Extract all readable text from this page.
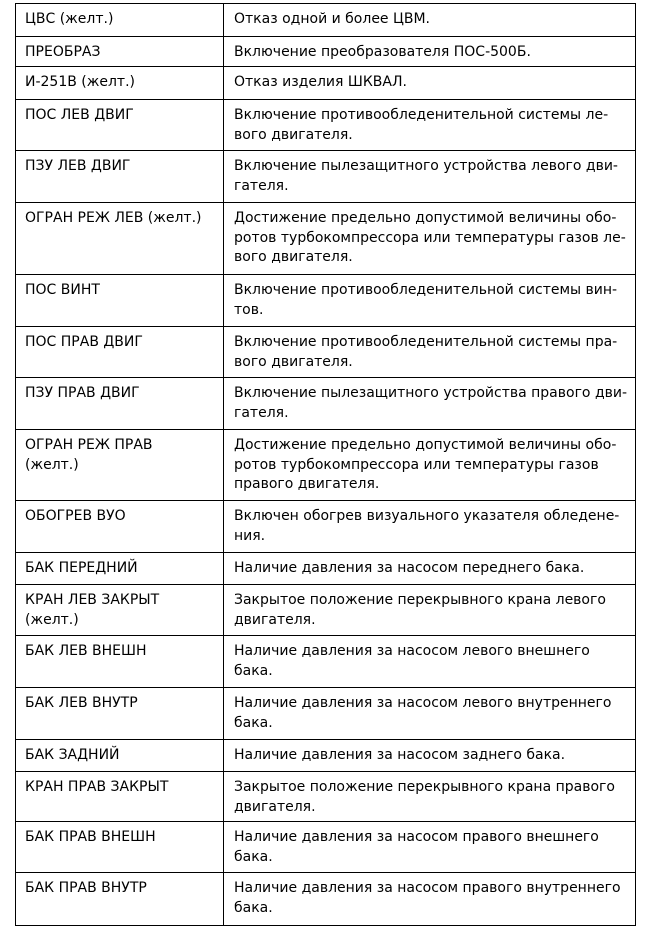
ЦВС (желт.)	Отказ одной и более ЦВМ.

ПРЕОБРАЗ	Включение преобразователя ПОС-500Б.

И-251В (желт.)	Отказ изделия ШКВАЛ.

ПОС ЛЕВ ДВИГ	Включение противообледенительной системы ле-
вого двигателя.

ПЗУ ЛЕВ ДВИГ	Включение пылезащитного устройства левого дви-
гателя.

ОГРАН РЕЖ ЛЕВ (желт.)	Достижение предельно допустимой величины обо-
ротов турбокомпрессора или температуры газов ле-
вого двигателя.

ПОС ВИНТ	Включение противообледенительной системы вин-
тов.

ПОС ПРАВ ДВИГ	Включение противообледенительной системы пра-
вого двигателя.

ПЗУ ПРАВ ДВИГ	Включение пылезащитного устройства правого дви-
гателя.

ОГРАН РЕЖ ПРАВ
(желт.)	Достижение предельно допустимой величины обо-
ротов турбокомпрессора или температуры газов
правого двигателя.

ОБОГРЕВ ВУО	Включен обогрев визуального указателя обледене-
ния.

БАК ПЕРЕДНИЙ	Наличие давления за насосом переднего бака.

КРАН ЛЕВ ЗАКРЫТ
(желт.)	Закрытое положение перекрывного крана левого
двигателя.

БАК ЛЕВ ВНЕШН	Наличие давления за насосом левого внешнего
бака.

БАК ЛЕВ ВНУТР	Наличие давления за насосом левого внутреннего
бака.

БАК ЗАДНИЙ	Наличие давления за насосом заднего бака.

КРАН ПРАВ ЗАКРЫТ	Закрытое положение перекрывного крана правого
двигателя.

БАК ПРАВ ВНЕШН	Наличие давления за насосом правого внешнего
бака.

БАК ПРАВ ВНУТР	Наличие давления за насосом правого внутреннего
бака.
